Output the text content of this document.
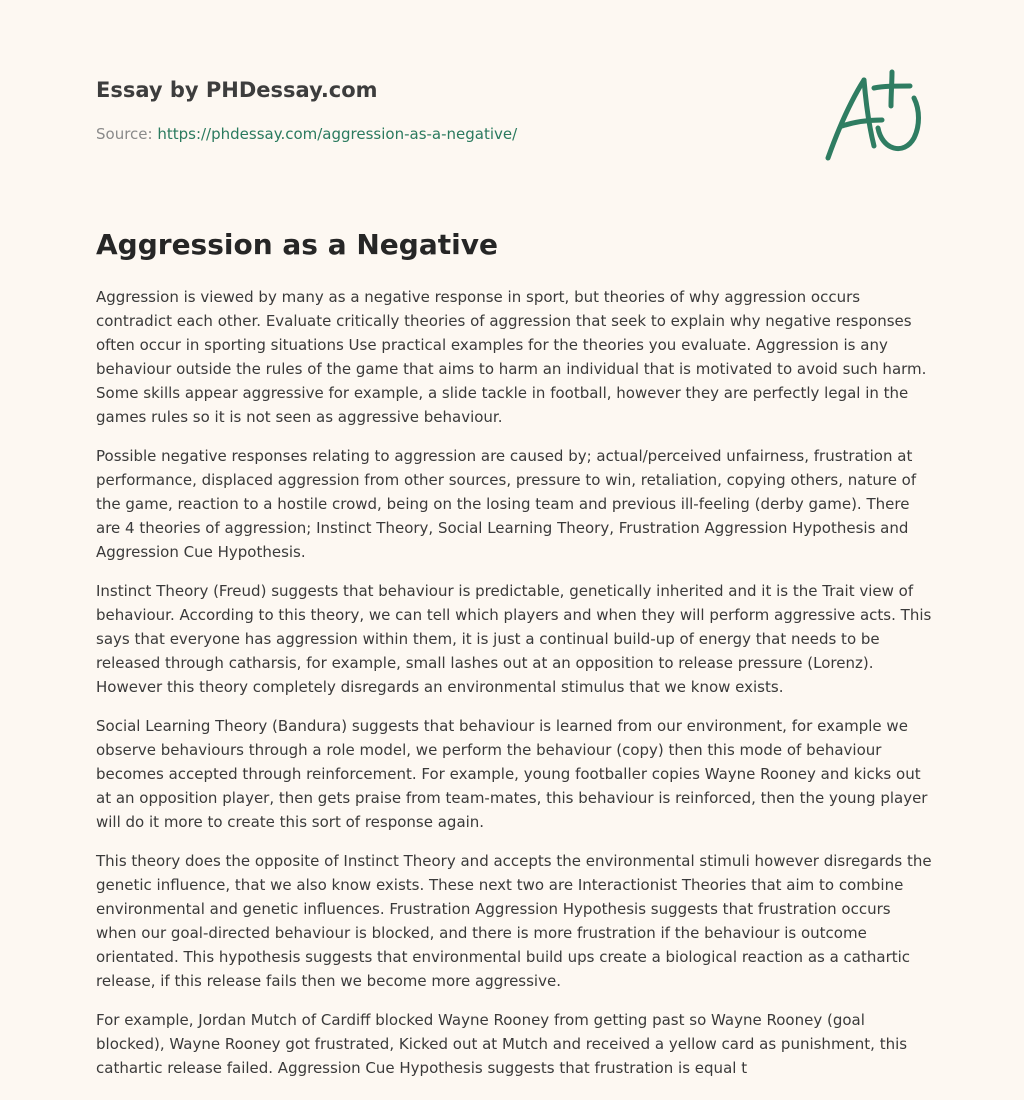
Essay by PHDessay.com
Source: https://phdessay.com/aggression-as-a-negative/
Aggression as a Negative

Aggression is viewed by many as a negative response in sport, but theories of why aggression occurs contradict each other. Evaluate critically theories of aggression that seek to explain why negative responses often occur in sporting situations Use practical examples for the theories you evaluate. Aggression is any behaviour outside the rules of the game that aims to harm an individual that is motivated to avoid such harm. Some skills appear aggressive for example, a slide tackle in football, however they are perfectly legal in the games rules so it is not seen as aggressive behaviour.

Possible negative responses relating to aggression are caused by; actual/perceived unfairness, frustration at performance, displaced aggression from other sources, pressure to win, retaliation, copying others, nature of the game, reaction to a hostile crowd, being on the losing team and previous ill-feeling (derby game). There are 4 theories of aggression; Instinct Theory, Social Learning Theory, Frustration Aggression Hypothesis and Aggression Cue Hypothesis.

Instinct Theory (Freud) suggests that behaviour is predictable, genetically inherited and it is the Trait view of behaviour. According to this theory, we can tell which players and when they will perform aggressive acts. This says that everyone has aggression within them, it is just a continual build-up of energy that needs to be released through catharsis, for example, small lashes out at an opposition to release pressure (Lorenz). However this theory completely disregards an environmental stimulus that we know exists.

Social Learning Theory (Bandura) suggests that behaviour is learned from our environment, for example we observe behaviours through a role model, we perform the behaviour (copy) then this mode of behaviour becomes accepted through reinforcement. For example, young footballer copies Wayne Rooney and kicks out at an opposition player, then gets praise from team-mates, this behaviour is reinforced, then the young player will do it more to create this sort of response again.

This theory does the opposite of Instinct Theory and accepts the environmental stimuli however disregards the genetic influence, that we also know exists. These next two are Interactionist Theories that aim to combine environmental and genetic influences. Frustration Aggression Hypothesis suggests that frustration occurs when our goal-directed behaviour is blocked, and there is more frustration if the behaviour is outcome orientated. This hypothesis suggests that environmental build ups create a biological reaction as a cathartic release, if this release fails then we become more aggressive.

For example, Jordan Mutch of Cardiff blocked Wayne Rooney from getting past so Wayne Rooney (goal blocked), Wayne Rooney got frustrated, Kicked out at Mutch and received a yellow card as punishment, this cathartic release failed. Aggression Cue Hypothesis suggests that frustration is equal t
